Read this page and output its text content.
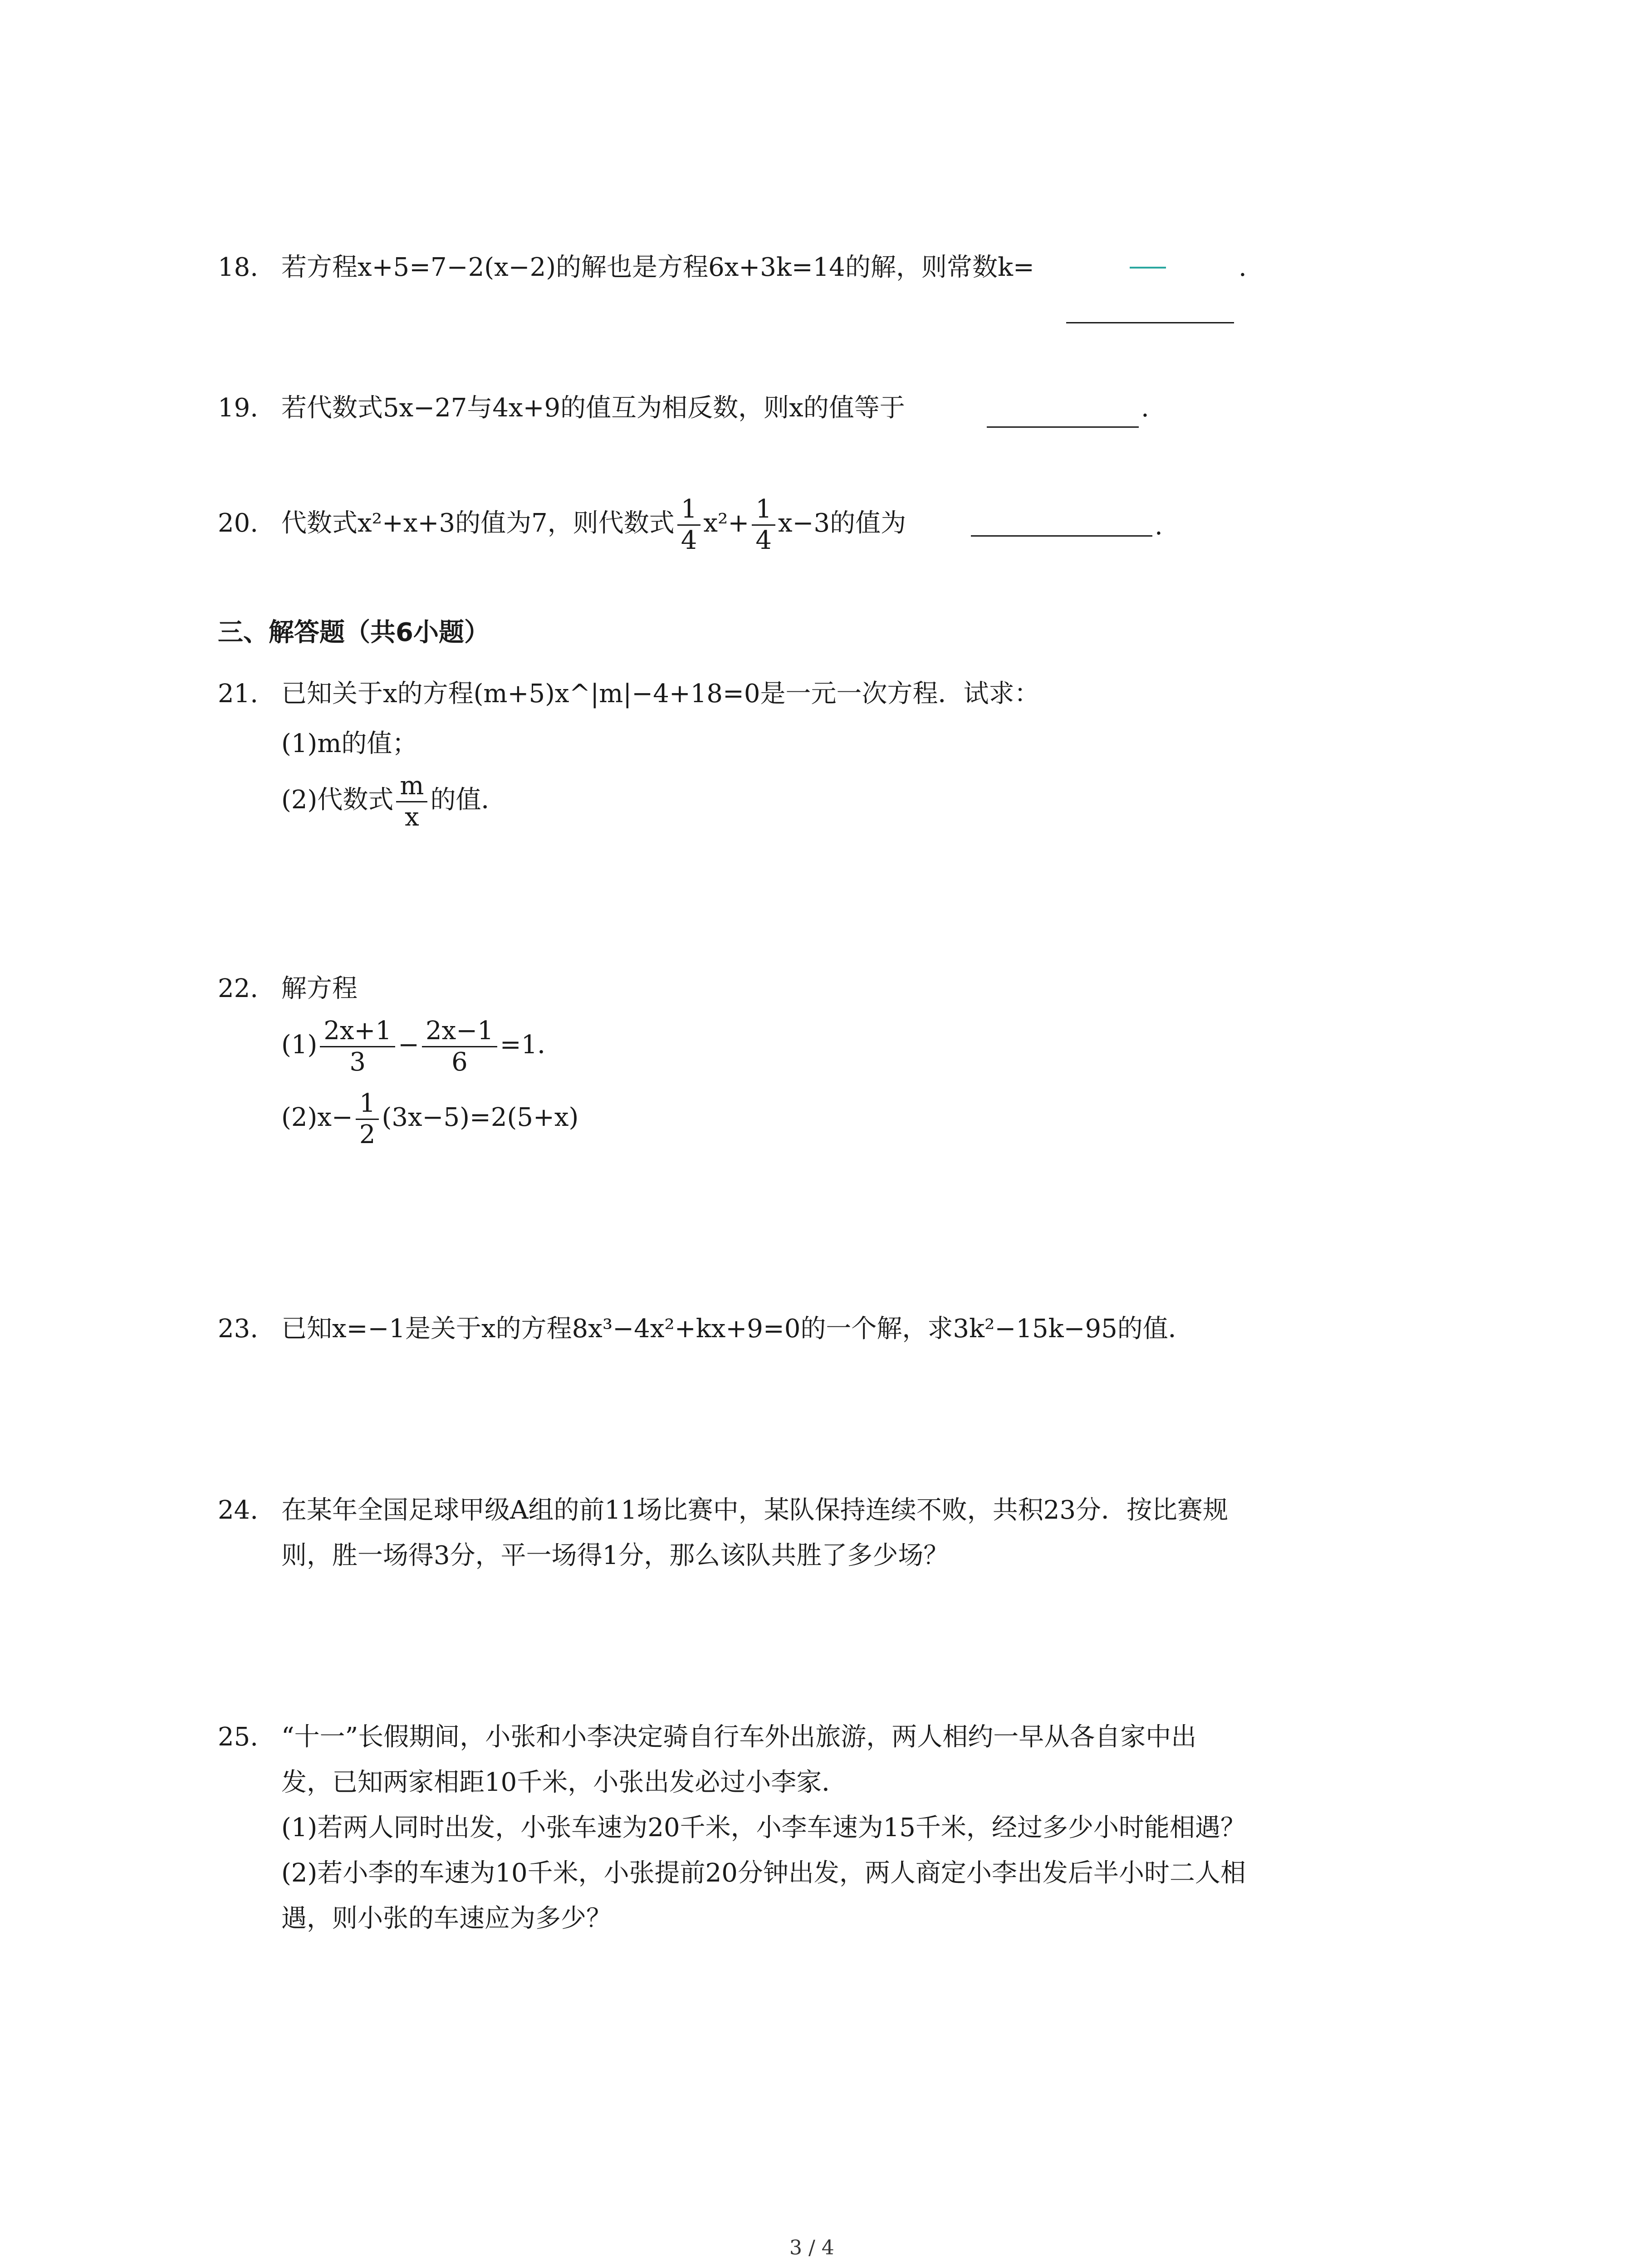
18. 若方程x+5=7−2(x−2)的解也是方程6x+3k=14的解，则常数k=	.
19. 若代数式5x−27与4x+9的值互为相反数，则x的值等于	.
20. 代数式x²+x+3的值为7，则代数式 $\frac{1}{4} x^2+ \frac{1}{4} x-3$的值为	.
三、解答题（共6小题）
21. 已知关于x的方程(m+5)x^|m|−4+18=0是一元一次方程．试求：
(1)m的值；
(2)代数式 $\frac{m}{x}$ 的值．
22. 解方程
$(1) \frac{2x+1}{3} - \frac{2x-1}{6} =1$．
$(2)x- \frac{1}{2} (3x-5)=2(5+x)$
23. 已知x=−1是关于x的方程8x³−4x²+kx+9=0的一个解，求3k²−15k−95的值．
24. 在某年全国足球甲级A组的前11场比赛中，某队保持连续不败，共积23分．按比赛规
则，胜一场得3分，平一场得1分，那么该队共胜了多少场？
25. “十一”长假期间，小张和小李决定骑自行车外出旅游，两人相约一早从各自家中出
发，已知两家相距10千米，小张出发必过小李家．
(1)若两人同时出发，小张车速为20千米，小李车速为15千米，经过多少小时能相遇？
(2)若小李的车速为10千米，小张提前20分钟出发，两人商定小李出发后半小时二人相
遇，则小张的车速应为多少？
3 / 4
